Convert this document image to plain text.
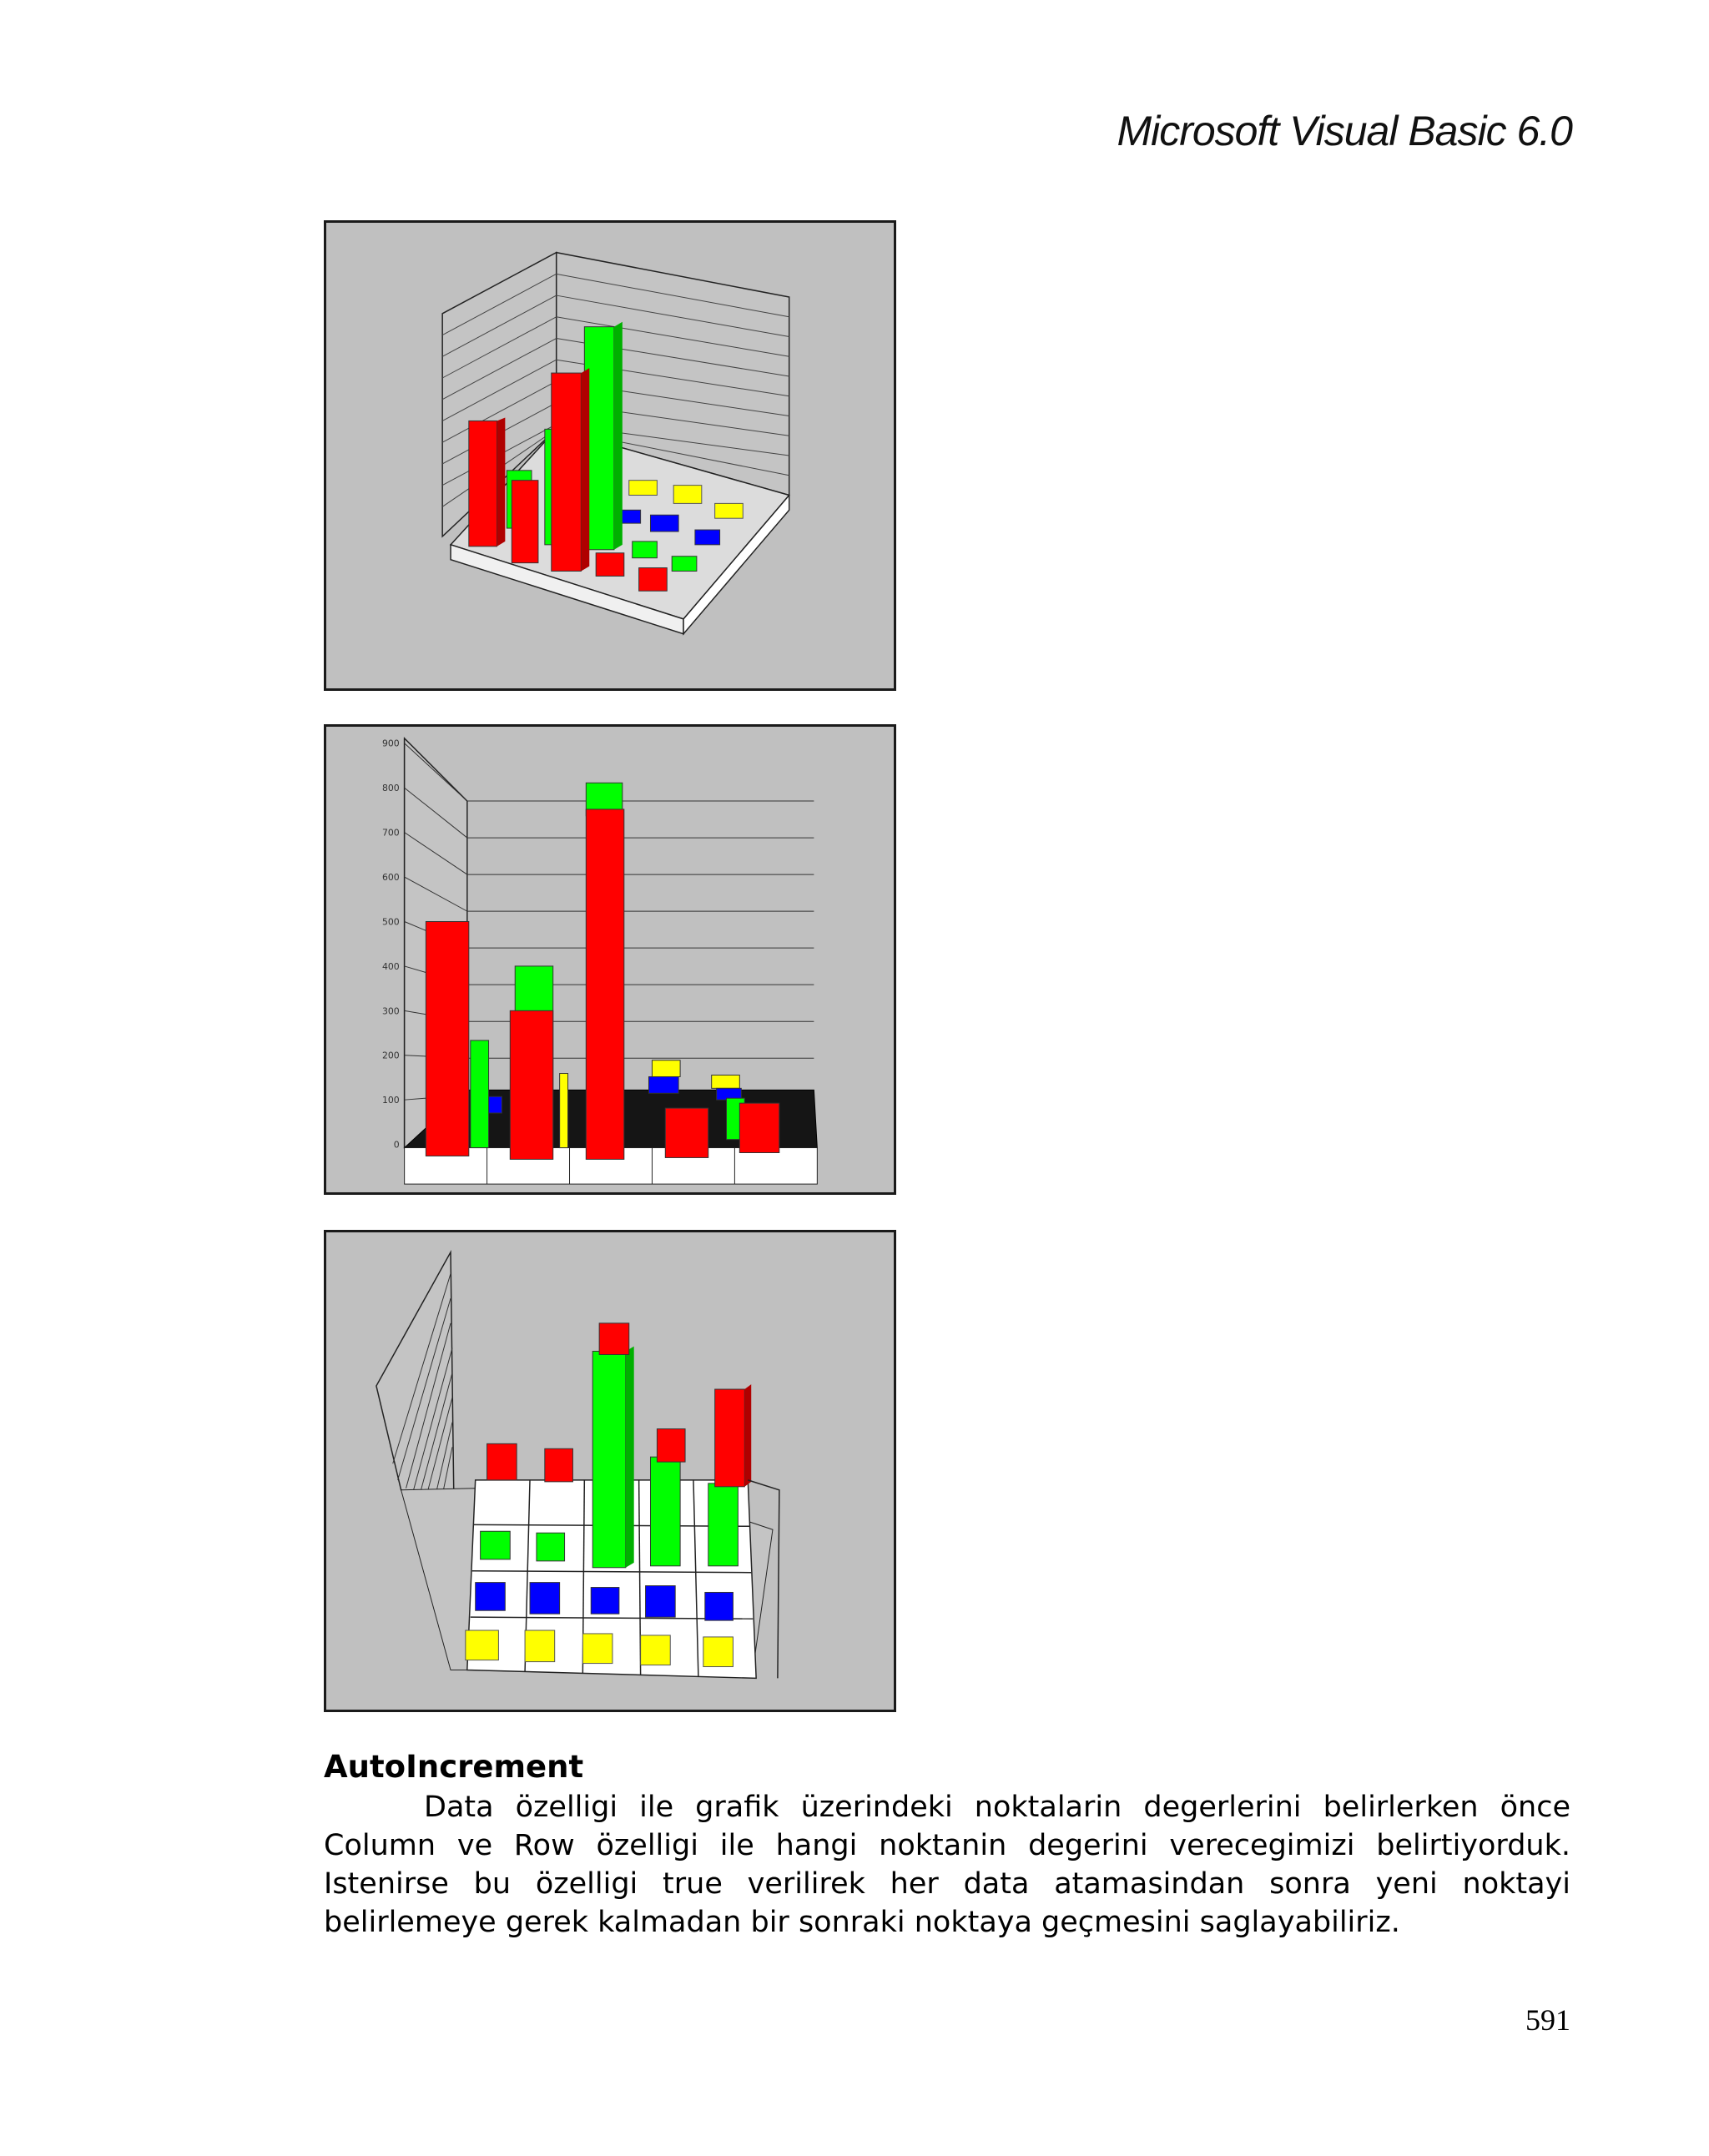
Microsoft Visual Basic 6.0
900
800
700
600
500
400
300
200
100
0
AutoIncrement
Data özelligi ile grafik üzerindeki noktalarin degerlerini belirlerken önce Column ve Row özelligi ile hangi noktanin degerini verecegimizi belirtiyorduk. Istenirse bu özelligi true verilirek her data atamasindan sonra yeni noktayi belirlemeye gerek kalmadan bir sonraki noktaya geçmesini saglayabiliriz.
591
